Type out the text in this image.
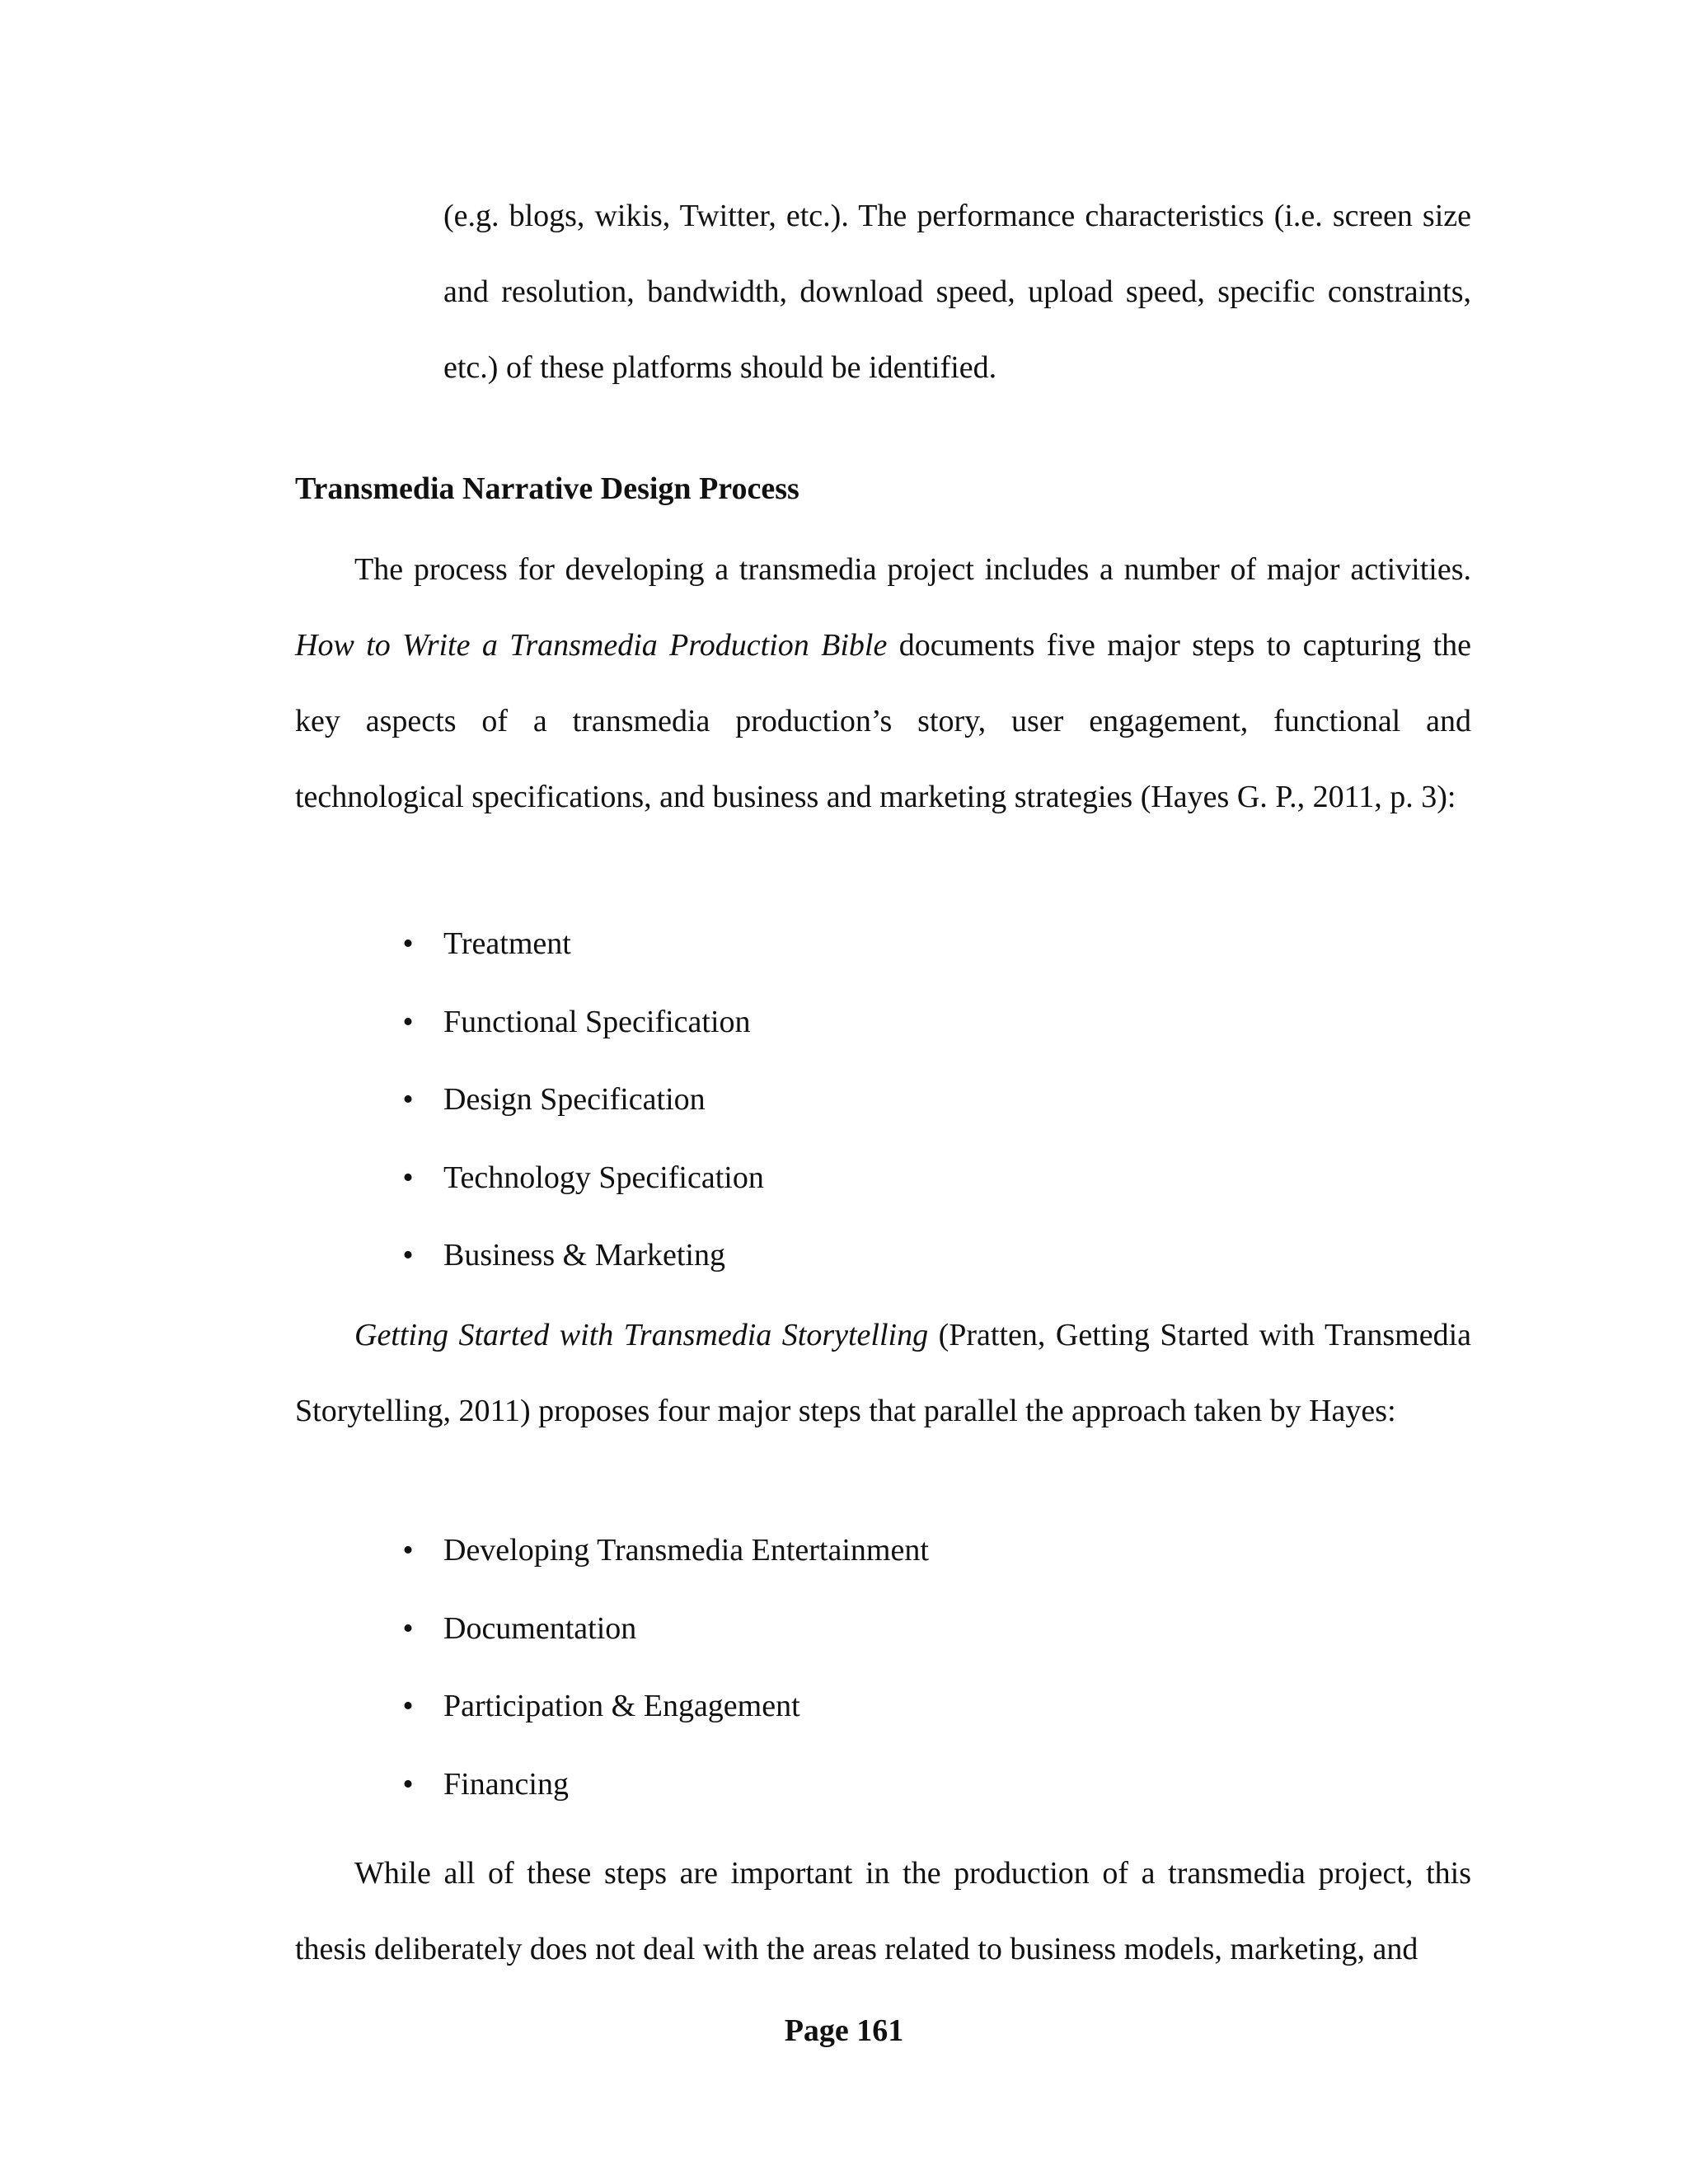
(e.g. blogs, wikis, Twitter, etc.). The performance characteristics (i.e. screen size and resolution, bandwidth, download speed, upload speed, specific constraints, etc.) of these platforms should be identified.

Transmedia Narrative Design Process

The process for developing a transmedia project includes a number of major activities. How to Write a Transmedia Production Bible documents five major steps to capturing the key aspects of a transmedia production’s story, user engagement, functional and technological specifications, and business and marketing strategies (Hayes G. P., 2011, p. 3):

• Treatment
• Functional Specification
• Design Specification
• Technology Specification
• Business & Marketing

Getting Started with Transmedia Storytelling (Pratten, Getting Started with Transmedia Storytelling, 2011) proposes four major steps that parallel the approach taken by Hayes:

• Developing Transmedia Entertainment
• Documentation
• Participation & Engagement
• Financing

While all of these steps are important in the production of a transmedia project, this thesis deliberately does not deal with the areas related to business models, marketing, and

Page 161
